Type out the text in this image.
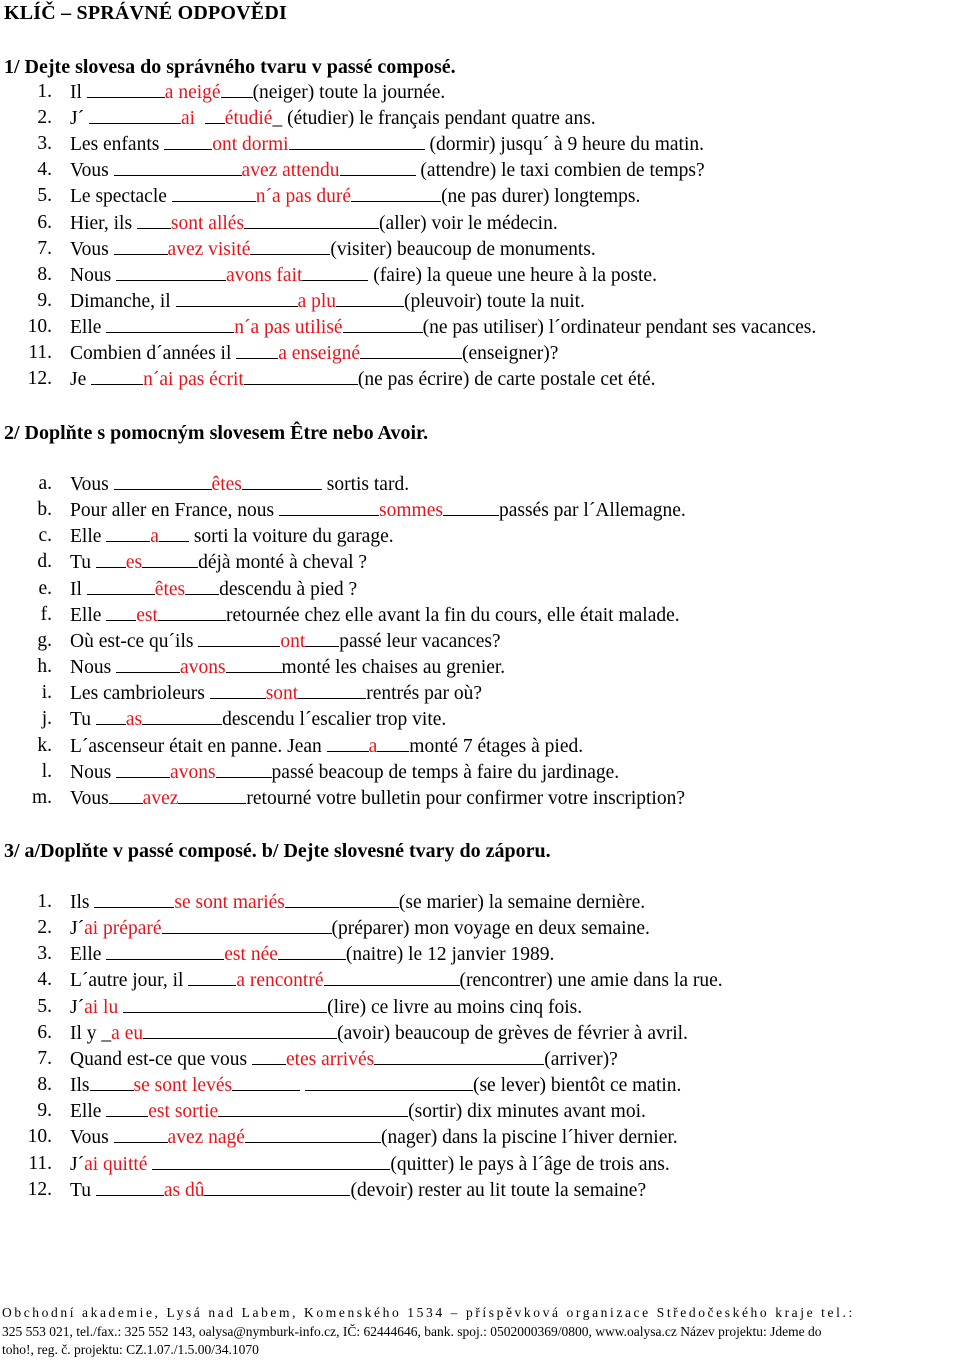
KLÍČ – SPRÁVNÉ ODPOVĚDI
1/ Dejte slovesa do správného tvaru v passé composé.
1. Il	a neigé (neiger) toute la journée.
2. J´	ai étudié_ (étudier) le français pendant quatre ans.
3. Les enfants ont dormi	(dormir) jusqu´ à 9 heure du matin.
4. Vous	avez attendu	(attendre) le taxi combien de temps?
5. Le spectacle	n´a pas duré	(ne pas durer) longtemps.
6. Hier, ils sont allés	(aller) voir le médecin.
7. Vous	avez visité	(visiter) beaucoup de monuments.
8. Nous	avons fait	(faire) la queue une heure à la poste.
9. Dimanche, il	a plu	(pleuvoir) toute la nuit.
10. Elle	n´a pas utilisé	(ne pas utiliser) l´ordinateur pendant ses vacances.
11. Combien d´années il a enseigné	(enseigner)?
12. Je	n´ai pas écrit	(ne pas écrire) de carte postale cet été.
2/ Doplňte s pomocným slovesem Être nebo Avoir.
a. Vous	êtes	sortis tard.
b. Pour aller en France, nous	sommes	passés par l´Allemagne.
c. Elle a sorti la voiture du garage.
d. Tu es	déjà monté à cheval ?
e. Il	êtes descendu à pied ?
f. Elle est	retournée chez elle avant la fin du cours, elle était malade.
g. Où est-ce qu´ils	ont passé leur vacances?
h. Nous	avons	monté les chaises au grenier.
i. Les cambrioleurs	sont	rentrés par où?
j. Tu as	descendu l´escalier trop vite.
k. L´ascenseur était en panne. Jean a monté 7 étages à pied.
l. Nous	avons	passé beacoup de temps à faire du jardinage.
m. Vous avez	retourné votre bulletin pour confirmer votre inscription?
3/ a/Doplňte v passé composé. b/ Dejte slovesné tvary do záporu.
1. Ils	se sont mariés	(se marier) la semaine dernière.
2. J´ai préparé	(préparer) mon voyage en deux semaine.
3. Elle	est née	(naitre) le 12 janvier 1989.
4. L´autre jour, il a rencontré	(rencontrer) une amie dans la rue.
5. J´ai lu	(lire) ce livre au moins cinq fois.
6. Il y _a eu	(avoir) beaucoup de grèves de février à avril.
7. Quand est-ce que vous etes arrivés	(arriver)?
8. Ils se sont levés	(se lever) bientôt ce matin.
9. Elle est sortie	(sortir) dix minutes avant moi.
10. Vous	avez nagé	(nager) dans la piscine l´hiver dernier.
11. J´ai quitté	(quitter) le pays à l´âge de trois ans.
12. Tu	as dû	(devoir) rester au lit toute la semaine?
Obchodní akademie, Lysá nad Labem, Komenského 1534 – příspěvková organizace Středočeského kraje tel.:
325 553 021, tel./fax.: 325 552 143, oalysa@nymburk-info.cz, IČ: 62444646, bank. spoj.: 0502000369/0800, www.oalysa.cz Název projektu: Jdeme do
toho!, reg. č. projektu: CZ.1.07./1.5.00/34.1070
